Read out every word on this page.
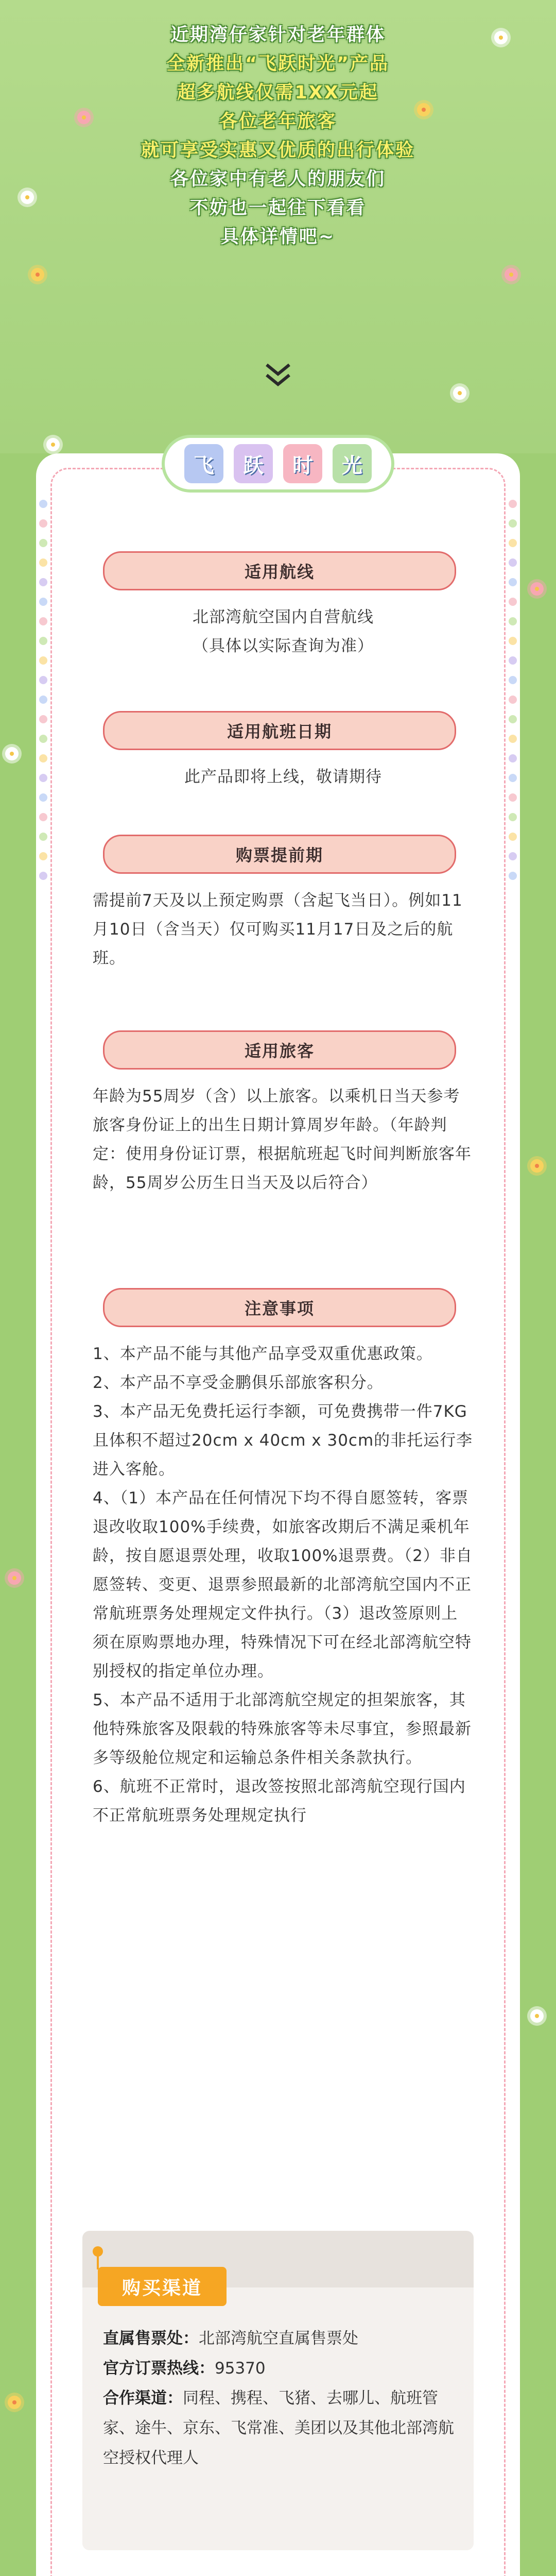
近期湾仔家针对老年群体
全新推出“飞跃时光”产品
超多航线仅需1XX元起
各位老年旅客
就可享受实惠又优质的出行体验
各位家中有老人的朋友们
不妨也一起往下看看
具体详情吧~
飞	跃	时	光
适用航线

北部湾航空国内自营航线

（具体以实际查询为准）

适用航班日期
此产品即将上线，敬请期待
购票提前期
需提前7天及以上预定购票（含起飞当日）。例如11月10日（含当天）仅可购买11月17日及之后的航班。
适用旅客
年龄为55周岁（含）以上旅客。以乘机日当天参考旅客身份证上的出生日期计算周岁年龄。（年龄判定：使用身份证订票，根据航班起飞时间判断旅客年龄，55周岁公历生日当天及以后符合）
注意事项

1、本产品不能与其他产品享受双重优惠政策。

2、本产品不享受金鹏俱乐部旅客积分。

3、本产品无免费托运行李额，可免费携带一件7KG且体积不超过20cm x 40cm x 30cm的非托运行李进入客舱。

4、（1）本产品在任何情况下均不得自愿签转，客票退改收取100%手续费，如旅客改期后不满足乘机年龄，按自愿退票处理，收取100%退票费。（2）非自愿签转、变更、退票参照最新的北部湾航空国内不正常航班票务处理规定文件执行。（3）退改签原则上须在原购票地办理，特殊情况下可在经北部湾航空特别授权的指定单位办理。

5、本产品不适用于北部湾航空规定的担架旅客，其他特殊旅客及限载的特殊旅客等未尽事宜，参照最新多等级舱位规定和运输总条件相关条款执行。

6、航班不正常时，退改签按照北部湾航空现行国内不正常航班票务处理规定执行

购买渠道
直属售票处：北部湾航空直属售票处
官方订票热线：95370
合作渠道：同程、携程、飞猪、去哪儿、航班管家、途牛、京东、飞常准、美团以及其他北部湾航空授权代理人
